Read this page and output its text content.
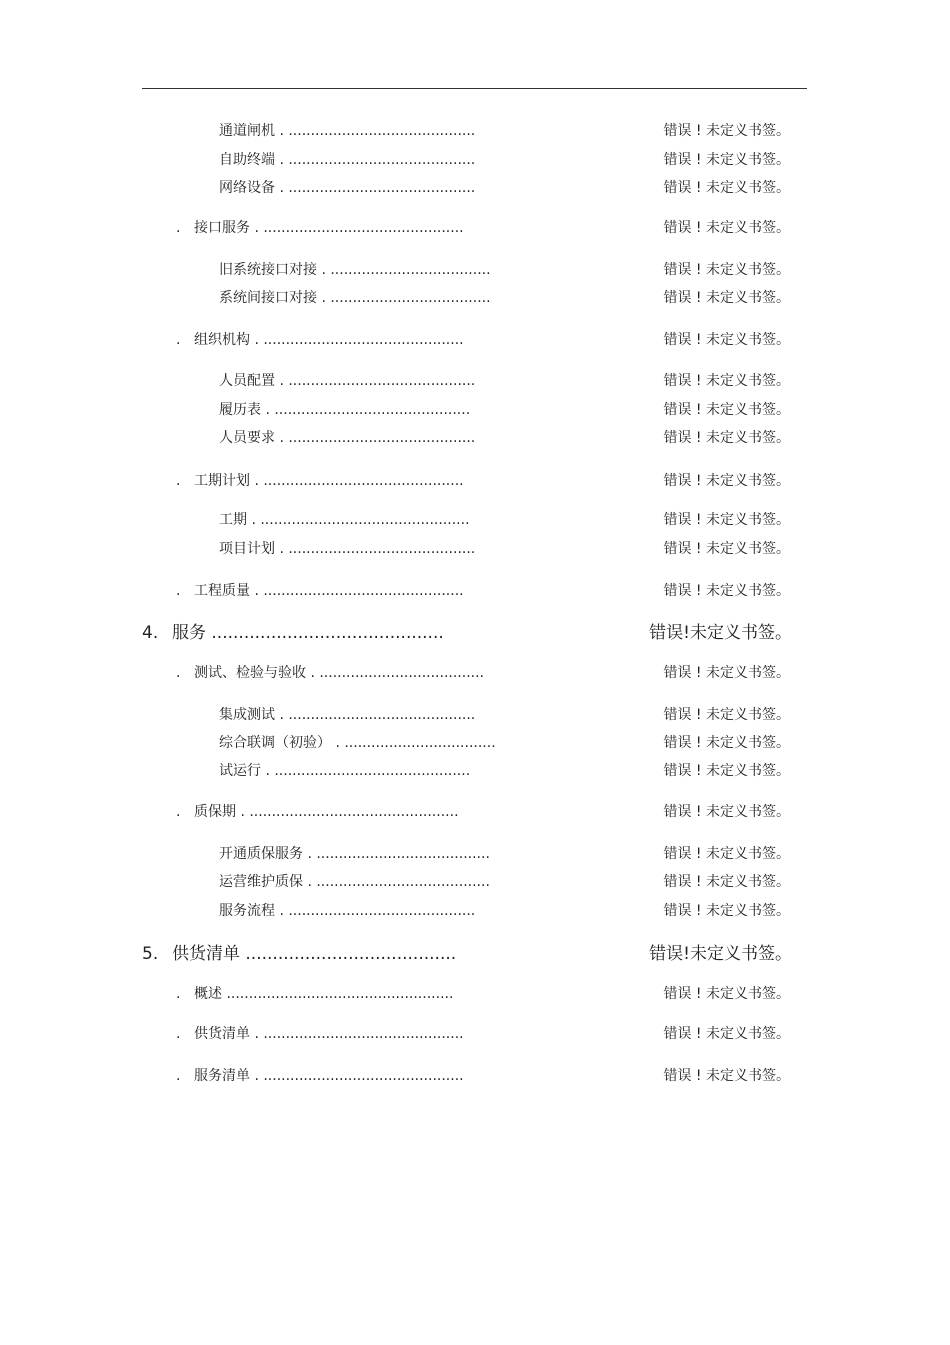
通道闸机 . ..........................................	错误 ! 未定义书签。
自助终端 . ..........................................	错误 ! 未定义书签。
网络设备 . ..........................................	错误 ! 未定义书签。
. 接口服务 . .............................................	错误 ! 未定义书签。
旧系统接口对接 . ....................................	错误 ! 未定义书签。
系统间接口对接 . ....................................	错误 ! 未定义书签。
. 组织机构 . .............................................	错误 ! 未定义书签。
人员配置 . ..........................................	错误 ! 未定义书签。
履历表 . ............................................	错误 ! 未定义书签。
人员要求 . ..........................................	错误 ! 未定义书签。
. 工期计划 . .............................................	错误 ! 未定义书签。
工期 . ...............................................	错误 ! 未定义书签。
项目计划 . ..........................................	错误 ! 未定义书签。
. 工程质量 . .............................................	错误 ! 未定义书签。
4. 服务 ...........................................	错误!未定义书签。
. 测试、检验与验收 . .....................................	错误 ! 未定义书签。
集成测试 . ..........................................	错误 ! 未定义书签。
综合联调（初验） . ..................................	错误 ! 未定义书签。
试运行 . ............................................	错误 ! 未定义书签。
. 质保期 . ...............................................	错误 ! 未定义书签。
开通质保服务 . .......................................	错误 ! 未定义书签。
运营维护质保 . .......................................	错误 ! 未定义书签。
服务流程 . ..........................................	错误 ! 未定义书签。
5. 供货清单 .......................................	错误!未定义书签。
. 概述 ...................................................	错误 ! 未定义书签。
. 供货清单 . .............................................	错误 ! 未定义书签。
. 服务清单 . .............................................	错误 ! 未定义书签。
